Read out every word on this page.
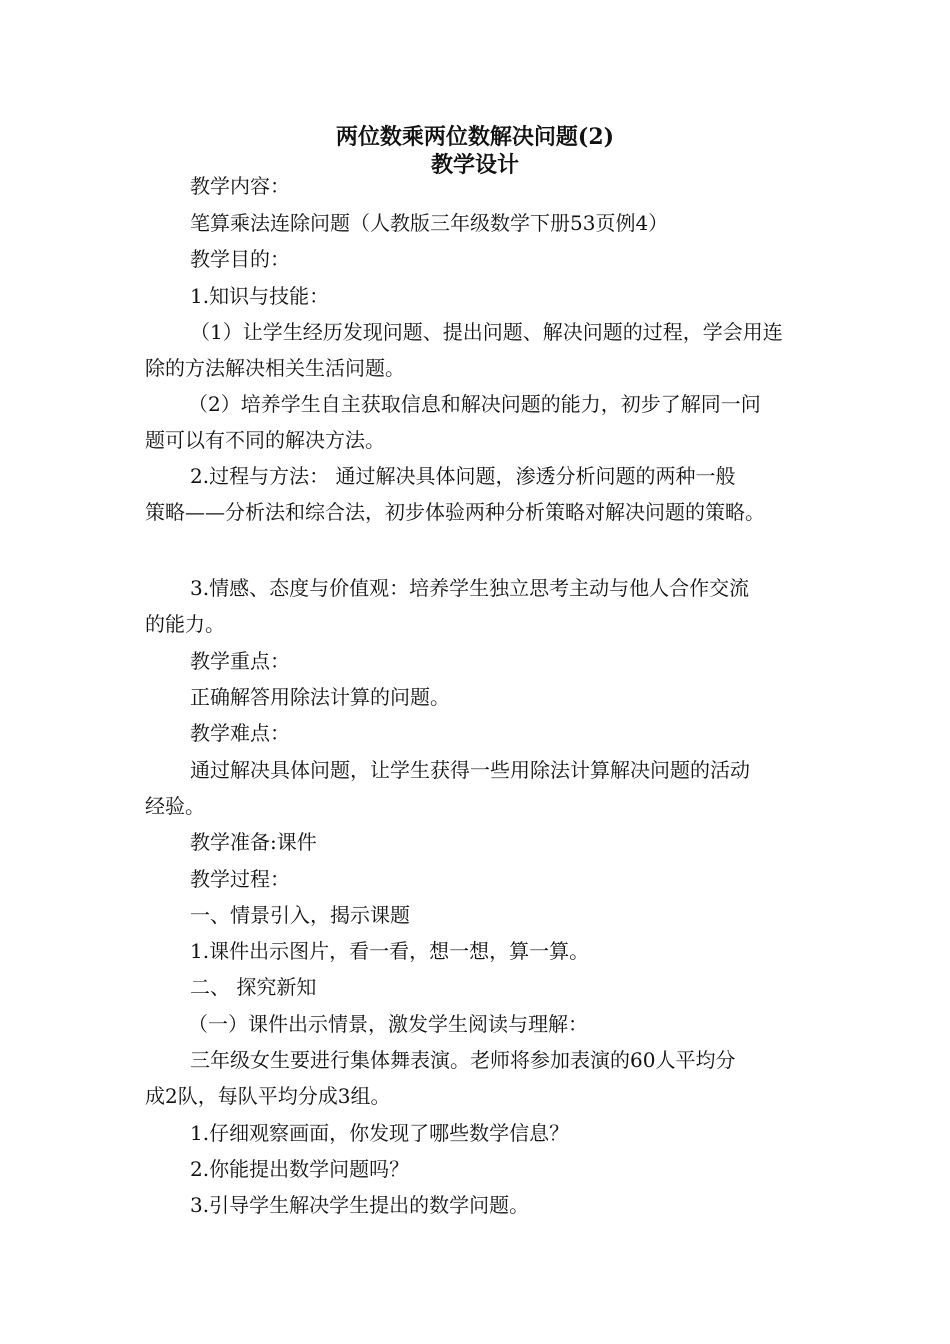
两位数乘两位数解决问题(2)
教学设计
教学内容：
笔算乘法连除问题（人教版三年级数学下册53页例4）
教学目的：
1.知识与技能：
（1）让学生经历发现问题、提出问题、解决问题的过程，学会用连
除的方法解决相关生活问题。
（2）培养学生自主获取信息和解决问题的能力，初步了解同一问
题可以有不同的解决方法。
2.过程与方法： 通过解决具体问题，渗透分析问题的两种一般
策略——分析法和综合法，初步体验两种分析策略对解决问题的策略。
3.情感、态度与价值观：培养学生独立思考主动与他人合作交流
的能力。
教学重点：
正确解答用除法计算的问题。
教学难点：
通过解决具体问题，让学生获得一些用除法计算解决问题的活动
经验。
教学准备:课件
教学过程：
一、情景引入，揭示课题
1.课件出示图片，看一看，想一想，算一算。
二、 探究新知
（一）课件出示情景，激发学生阅读与理解：
三年级女生要进行集体舞表演。老师将参加表演的60人平均分
成2队，每队平均分成3组。
1.仔细观察画面，你发现了哪些数学信息？
2.你能提出数学问题吗？
3.引导学生解决学生提出的数学问题。
